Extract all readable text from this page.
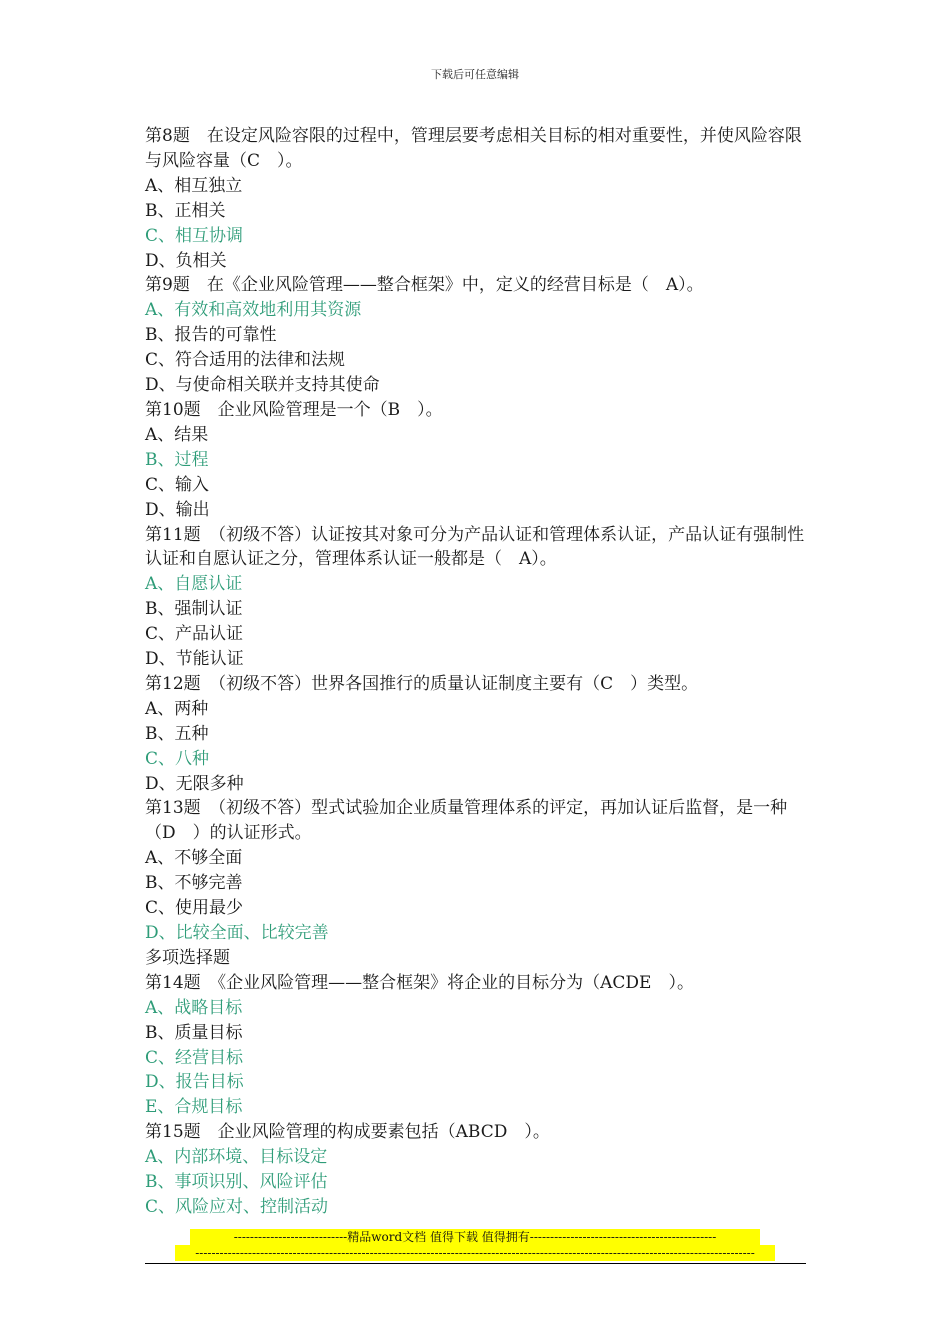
下载后可任意编辑
第8题　在设定风险容限的过程中，管理层要考虑相关目标的相对重要性，并使风险容限与风险容量（C　）。
A、相互独立
B、正相关
C、相互协调
D、负相关
第9题　在《企业风险管理——整合框架》中，定义的经营目标是（　A）。
A、有效和高效地利用其资源
B、报告的可靠性
C、符合适用的法律和法规
D、与使命相关联并支持其使命
第10题　企业风险管理是一个（B　）。
A、结果
B、过程
C、输入
D、输出
第11题　（初级不答）认证按其对象可分为产品认证和管理体系认证，产品认证有强制性认证和自愿认证之分，管理体系认证一般都是（　A）。
A、自愿认证
B、强制认证
C、产品认证
D、节能认证
第12题　（初级不答）世界各国推行的质量认证制度主要有（C　）类型。
A、两种
B、五种
C、八种
D、无限多种
第13题　（初级不答）型式试验加企业质量管理体系的评定，再加认证后监督，是一种（D　）的认证形式。
A、不够全面
B、不够完善
C、使用最少
D、比较全面、比较完善
多项选择题
第14题　《企业风险管理——整合框架》将企业的目标分为（ACDE　）。
A、战略目标
B、质量目标
C、经营目标
D、报告目标
E、合规目标
第15题　企业风险管理的构成要素包括（ABCD　）。
A、内部环境、目标设定
B、事项识别、风险评估
C、风险应对、控制活动
----------------------------精品word文档 值得下载 值得拥有----------------------------------------------
------------------------------------------------------------------------------------------------------------------------------------------
